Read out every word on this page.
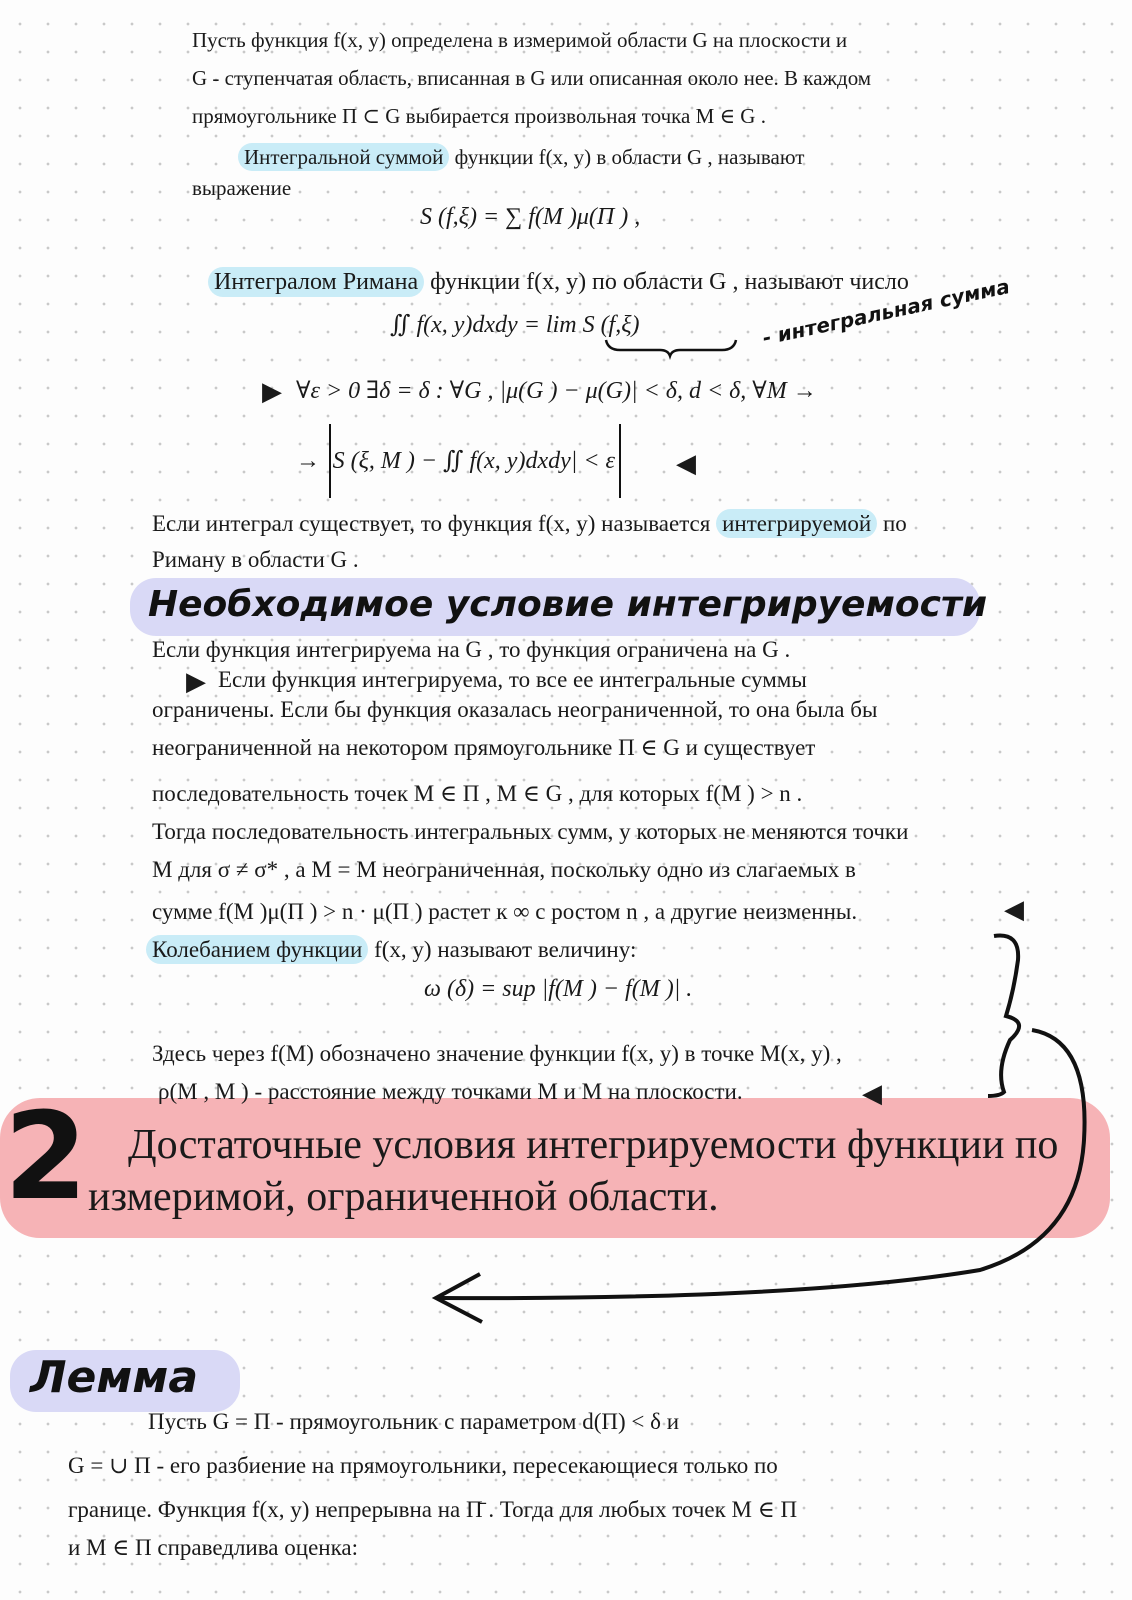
Пусть функция f(x, y) определена в измеримой области G на плоскости и
G - ступенчатая область, вписанная в G или описанная около нее. В каждом
прямоугольнике П ⊂ G выбирается произвольная точка M ∈ G .
Интегральной суммой функции f(x, y) в области G , называют
выражение
S (f,ξ) = ∑ f(M )μ(П ) ,
Интегралом Римана функции f(x, y) по области G , называют число
∬ f(x, y)dxdy = lim S (f,ξ)	- интегральная сумма
▶ ∀ε > 0 ∃δ = δ : ∀G , |μ(G ) − μ(G)| < δ, d < δ, ∀M →
→ |S (ξ, M ) − ∬ f(x, y)dxdy| < ε ◀
Если интеграл существует, то функция f(x, y) называется интегрируемой по
Риману в области G .
Необходимое условие интегрируемости
Если функция интегрируема на G , то функция ограничена на G .
▶ Если функция интегрируема, то все ее интегральные суммы
ограничены. Если бы функция оказалась неограниченной, то она была бы
неограниченной на некотором прямоугольнике П ∈ G и существует
последовательность точек M ∈ П , M ∈ G , для которых f(M ) > n .
Тогда последовательность интегральных сумм, у которых не меняются точки
M для σ ≠ σ* , а M = M неограниченная, поскольку одно из слагаемых в
сумме f(M )μ(П ) > n · μ(П ) растет к ∞ с ростом n , а другие неизменны.	◀
Колебанием функции f(x, y) называют величину:
ω (δ) = sup |f(M ) − f(M )| .
Здесь через f(M) обозначено значение функции f(x, y) в точке M(x, y) ,
ρ(M , M ) - расстояние между точками M и M на плоскости.	◀
2 Достаточные условия интегрируемости функции по
измеримой, ограниченной области.
Лемма
Пусть G = П - прямоугольник с параметром d(П) < δ и
G = ∪ П - его разбиение на прямоугольники, пересекающиеся только по
границе. Функция f(x, y) непрерывна на П̄ . Тогда для любых точек M ∈ П
и M ∈ П справедлива оценка:
